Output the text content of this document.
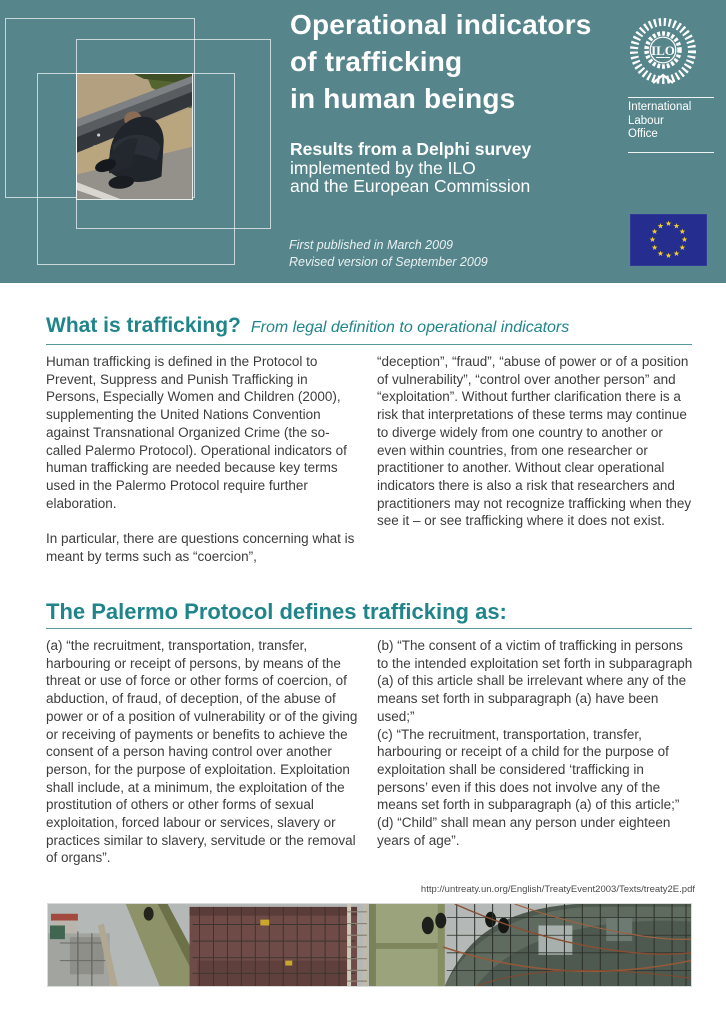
Operational indicators
of trafficking
in human beings
Results from a Delphi survey
implemented by the ILO
and the European Commission
First published in March 2009
Revised version of September 2009
ILO
International
Labour
Office
★ ★
★
★
★
★
★
★
★
★
★
★
What is trafficking? From legal definition to operational indicators

Human trafficking is defined in the Protocol to Prevent, Suppress and Punish Trafficking in Persons, Especially Women and Children (2000), supplementing the United Nations Convention against Transnational Organized Crime (the so-called Palermo Protocol). Operational indicators of human trafficking are needed because key terms used in the Palermo Protocol require further elaboration.

In particular, there are questions concerning what is meant by terms such as “coercion”,

“deception”, “fraud”, “abuse of power or of a position of vulnerability”, “control over another person” and “exploitation”. Without further clarification there is a risk that interpretations of these terms may continue to diverge widely from one country to another or even within countries, from one researcher or practitioner to another. Without clear operational indicators there is also a risk that researchers and practitioners may not recognize trafficking when they see it – or see trafficking where it does not exist.

The Palermo Protocol defines trafficking as:

(a) “the recruitment, transportation, transfer, harbouring or receipt of persons, by means of the threat or use of force or other forms of coercion, of abduction, of fraud, of deception, of the abuse of power or of a position of vulnerability or of the giving or receiving of payments or benefits to achieve the consent of a person having control over another person, for the purpose of exploitation. Exploitation shall include, at a minimum, the exploitation of the prostitution of others or other forms of sexual exploitation, forced labour or services, slavery or practices similar to slavery, servitude or the removal of organs”.

(b) “The consent of a victim of trafficking in persons to the intended exploitation set forth in subparagraph (a) of this article shall be irrelevant where any of the means set forth in subparagraph (a) have been used;”
(c) “The recruitment, transportation, transfer, harbouring or receipt of a child for the purpose of exploitation shall be considered ‘trafficking in persons’ even if this does not involve any of the means set forth in subparagraph (a) of this article;”
(d) “Child” shall mean any person under eighteen years of age”.
http://untreaty.un.org/English/TreatyEvent2003/Texts/treaty2E.pdf
